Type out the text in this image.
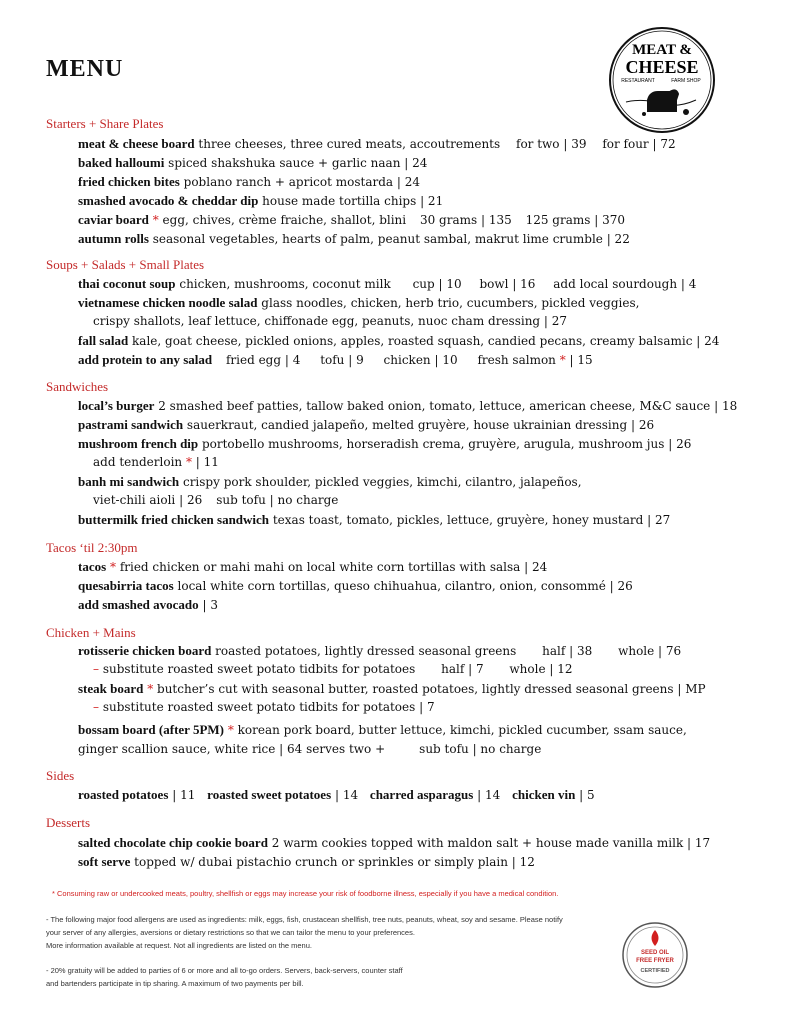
MENU
MEAT &
CHEESE
RESTAURANT	FARM SHOP
Starters + Share Plates
meat & cheese board three cheeses, three cured meats, accoutrements for two | 39 for four | 72
baked halloumi spiced shakshuka sauce + garlic naan | 24
fried chicken bites poblano ranch + apricot mostarda | 24
smashed avocado & cheddar dip house made tortilla chips | 21
caviar board * egg, chives, crème fraiche, shallot, blini 30 grams | 135 125 grams | 370
autumn rolls seasonal vegetables, hearts of palm, peanut sambal, makrut lime crumble | 22
Soups + Salads + Small Plates
thai coconut soup chicken, mushrooms, coconut milk cup | 10 bowl | 16 add local sourdough | 4
vietnamese chicken noodle salad glass noodles, chicken, herb trio, cucumbers, pickled veggies,
crispy shallots, leaf lettuce, chiffonade egg, peanuts, nuoc cham dressing | 27
fall salad kale, goat cheese, pickled onions, apples, roasted squash, candied pecans, creamy balsamic | 24
add protein to any salad fried egg | 4 tofu | 9 chicken | 10 fresh salmon * | 15
Sandwiches
local’s burger 2 smashed beef patties, tallow baked onion, tomato, lettuce, american cheese, M&C sauce | 18
pastrami sandwich sauerkraut, candied jalapeño, melted gruyère, house ukrainian dressing | 26
mushroom french dip portobello mushrooms, horseradish crema, gruyère, arugula, mushroom jus | 26
add tenderloin * | 11
banh mi sandwich crispy pork shoulder, pickled veggies, kimchi, cilantro, jalapeños,
viet-chili aioli | 26 sub tofu | no charge
buttermilk fried chicken sandwich texas toast, tomato, pickles, lettuce, gruyère, honey mustard | 27
Tacos ‘til 2:30pm
tacos * fried chicken or mahi mahi on local white corn tortillas with salsa | 24
quesabirria tacos local white corn tortillas, queso chihuahua, cilantro, onion, consommé | 26
add smashed avocado | 3
Chicken + Mains
rotisserie chicken board roasted potatoes, lightly dressed seasonal greens half | 38 whole | 76
– substitute roasted sweet potato tidbits for potatoes half | 7 whole | 12
steak board * butcher’s cut with seasonal butter, roasted potatoes, lightly dressed seasonal greens | MP
– substitute roasted sweet potato tidbits for potatoes | 7
bossam board (after 5PM) * korean pork board, butter lettuce, kimchi, pickled cucumber, ssam sauce,
ginger scallion sauce, white rice | 64 serves two +	sub tofu | no charge
Sides
roasted potatoes | 11 roasted sweet potatoes | 14 charred asparagus | 14 chicken vin | 5
Desserts
salted chocolate chip cookie board 2 warm cookies topped with maldon salt + house made vanilla milk | 17
soft serve topped w/ dubai pistachio crunch or sprinkles or simply plain | 12
* Consuming raw or undercooked meats, poultry, shellfish or eggs may increase your risk of foodborne illness, especially if you have a medical condition.
- The following major food allergens are used as ingredients: milk, eggs, fish, crustacean shellfish, tree nuts, peanuts, wheat, soy and sesame. Please notify
your server of any allergies, aversions or dietary restrictions so that we can tailor the menu to your preferences.
More information available at request. Not all ingredients are listed on the menu.
- 20% gratuity will be added to parties of 6 or more and all to-go orders. Servers, back-servers, counter staff
and bartenders participate in tip sharing. A maximum of two payments per bill.
SEED OIL
FREE FRYER
CERTIFIED
